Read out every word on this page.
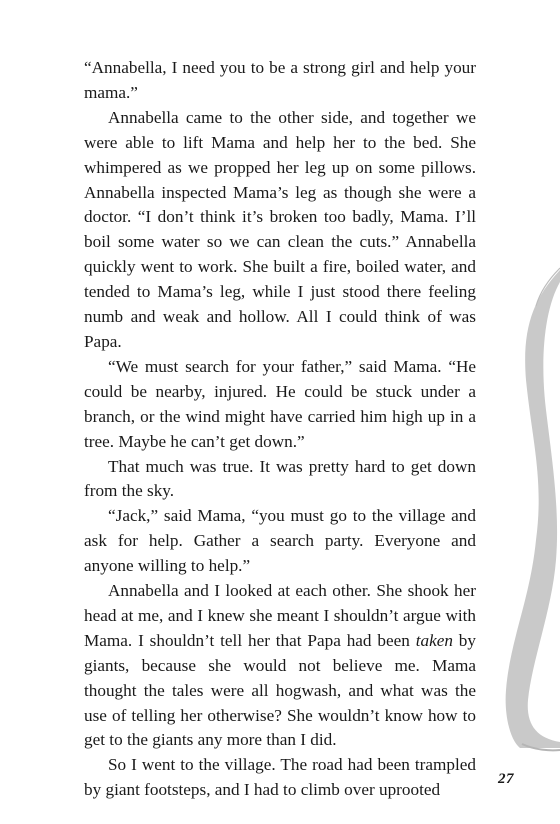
“Annabella, I need you to be a strong girl and help your mama.”

Annabella came to the other side, and together we were able to lift Mama and help her to the bed. She whimpered as we propped her leg up on some pillows. Annabella inspected Mama’s leg as though she were a doctor. “I don’t think it’s broken too badly, Mama. I’ll boil some water so we can clean the cuts.” Annabella quickly went to work. She built a fire, boiled water, and tended to Mama’s leg, while I just stood there feeling numb and weak and hollow. All I could think of was Papa.

“We must search for your father,” said Mama. “He could be nearby, injured. He could be stuck under a branch, or the wind might have carried him high up in a tree. Maybe he can’t get down.”

That much was true. It was pretty hard to get down from the sky.

“Jack,” said Mama, “you must go to the village and ask for help. Gather a search party. Everyone and anyone willing to help.”

Annabella and I looked at each other. She shook her head at me, and I knew she meant I shouldn’t argue with Mama. I shouldn’t tell her that Papa had been taken by giants, because she would not believe me. Mama thought the tales were all hogwash, and what was the use of telling her otherwise? She wouldn’t know how to get to the giants any more than I did.

So I went to the village. The road had been trampled by giant footsteps, and I had to climb over uprooted

27
